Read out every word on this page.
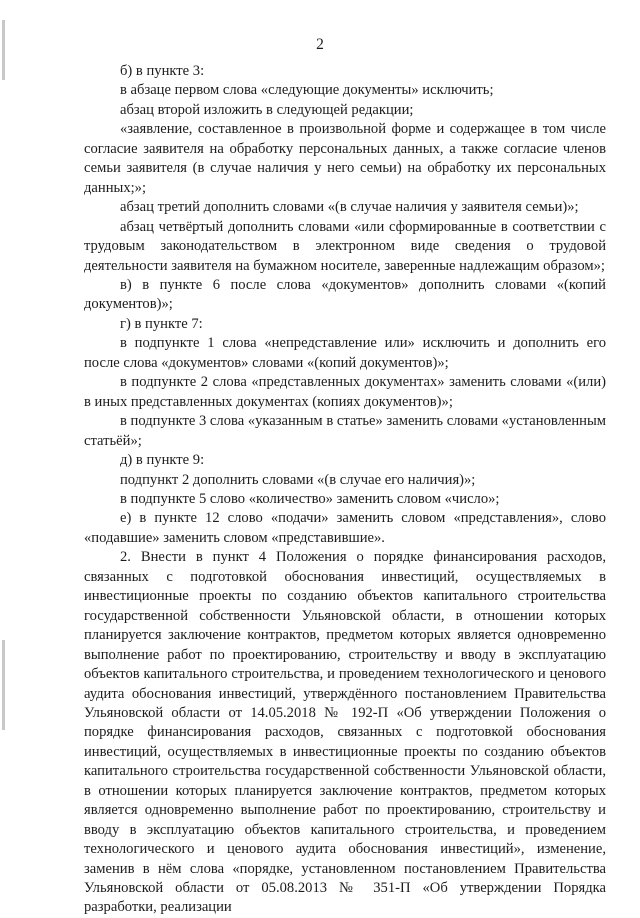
2

б) в пункте 3:

в абзаце первом слова «следующие документы» исключить;

абзац второй изложить в следующей редакции;

«заявление, составленное в произвольной форме и содержащее в том числе согласие заявителя на обработку персональных данных, а также согласие членов семьи заявителя (в случае наличия у него семьи) на обработку их персональных данных;»;

абзац третий дополнить словами «(в случае наличия у заявителя семьи)»;

абзац четвёртый дополнить словами «или сформированные в соответствии с трудовым законодательством в электронном виде сведения о трудовой деятельности заявителя на бумажном носителе, заверенные надлежащим образом»;

в) в пункте 6 после слова «документов» дополнить словами «(копий документов)»;

г) в пункте 7:

в подпункте 1 слова «непредставление или» исключить и дополнить его после слова «документов» словами «(копий документов)»;

в подпункте 2 слова «представленных документах» заменить словами «(или) в иных представленных документах (копиях документов)»;

в подпункте 3 слова «указанным в статье» заменить словами «установленным статьёй»;

д) в пункте 9:

подпункт 2 дополнить словами «(в случае его наличия)»;

в подпункте 5 слово «количество» заменить словом «число»;

е) в пункте 12 слово «подачи» заменить словом «представления», слово «подавшие» заменить словом «представившие».

2. Внести в пункт 4 Положения о порядке финансирования расходов, связанных с подготовкой обоснования инвестиций, осуществляемых в инвестиционные проекты по созданию объектов капитального строительства государственной собственности Ульяновской области, в отношении которых планируется заключение контрактов, предметом которых является одновременно выполнение работ по проектированию, строительству и вводу в эксплуатацию объектов капитального строительства, и проведением технологического и ценового аудита обоснования инвестиций, утверждённого постановлением Правительства Ульяновской области от 14.05.2018 № 192-П «Об утверждении Положения о порядке финансирования расходов, связанных с подготовкой обоснования инвестиций, осуществляемых в инвестиционные проекты по созданию объектов капитального строительства государственной собственности Ульяновской области, в отношении которых планируется заключение контрактов, предметом которых является одновременно выполнение работ по проектированию, строительству и вводу в эксплуатацию объектов капитального строительства, и проведением технологического и ценового аудита обоснования инвестиций», изменение, заменив в нём слова «порядке, установленном постановлением Правительства Ульяновской области от 05.08.2013 № 351-П «Об утверждении Порядка разработки, реализации
